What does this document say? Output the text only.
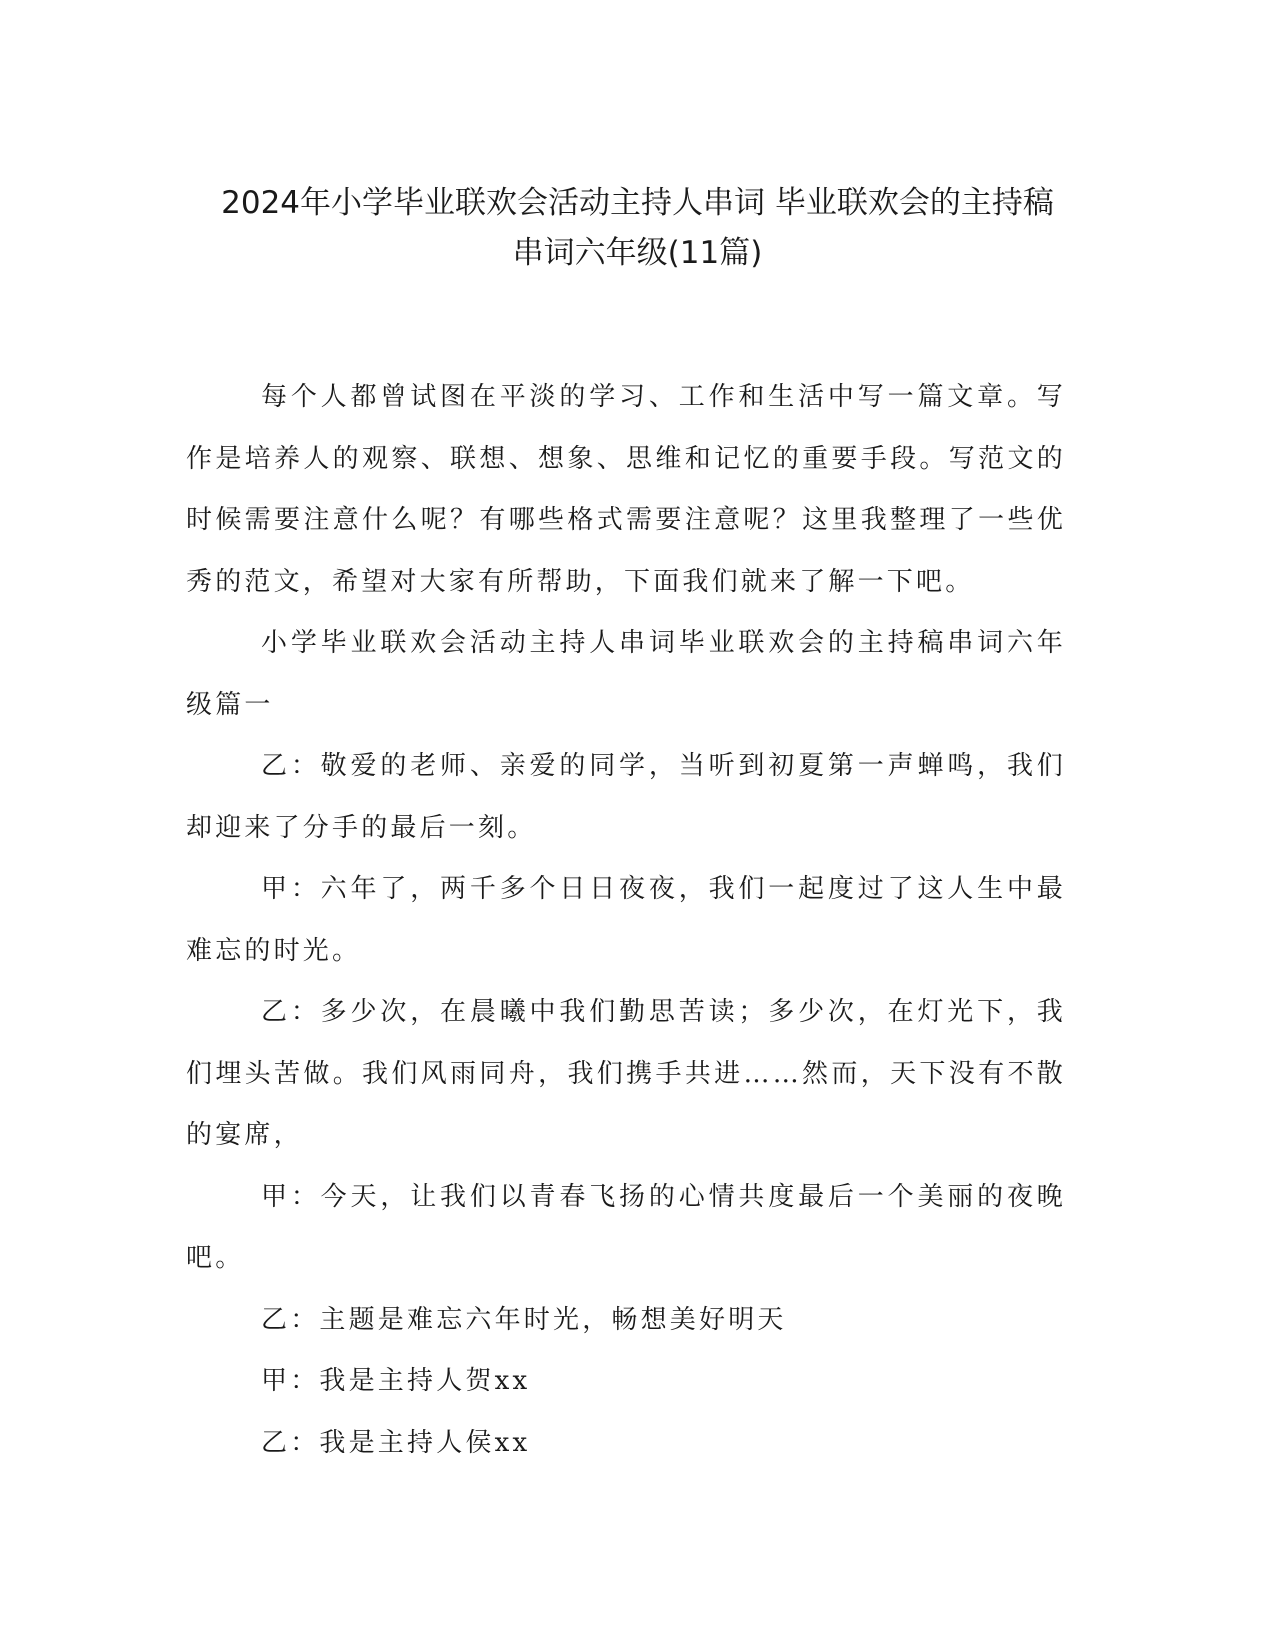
2024年小学毕业联欢会活动主持人串词 毕业联欢会的主持稿
串词六年级(11篇)

每个人都曾试图在平淡的学习、工作和生活中写一篇文章。写作是培养人的观察、联想、想象、思维和记忆的重要手段。写范文的时候需要注意什么呢？有哪些格式需要注意呢？这里我整理了一些优秀的范文，希望对大家有所帮助，下面我们就来了解一下吧。

小学毕业联欢会活动主持人串词毕业联欢会的主持稿串词六年级篇一

乙：敬爱的老师、亲爱的同学，当听到初夏第一声蝉鸣，我们却迎来了分手的最后一刻。

甲：六年了，两千多个日日夜夜，我们一起度过了这人生中最难忘的时光。

乙：多少次，在晨曦中我们勤思苦读；多少次，在灯光下，我们埋头苦做。我们风雨同舟，我们携手共进……然而，天下没有不散的宴席，

甲：今天，让我们以青春飞扬的心情共度最后一个美丽的夜晚吧。

乙：主题是难忘六年时光，畅想美好明天

甲：我是主持人贺xx

乙：我是主持人侯xx
